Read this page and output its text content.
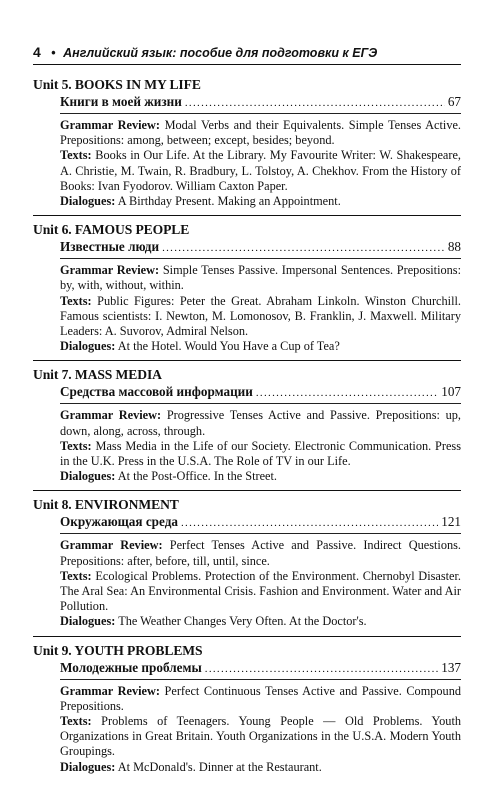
4 • Английский язык: пособие для подготовки к ЕГЭ
Unit 5. BOOKS IN MY LIFE
Книги в моей жизни .....	67

Grammar Review: Modal Verbs and their Equivalents. Simple Tenses Active. Prepositions: among, between; except, besides; beyond.

Texts: Books in Our Life. At the Library. My Favourite Writer: W. Shakespeare, A. Christie, M. Twain, R. Bradbury, L. Tolstoy, A. Chekhov. From the History of Books: Ivan Fyodorov. William Caxton Paper.

Dialogues: A Birthday Present. Making an Appointment.

Unit 6. FAMOUS PEOPLE
Известные люди .....	88

Grammar Review: Simple Tenses Passive. Impersonal Sentences. Prepositions: by, with, without, within.

Texts: Public Figures: Peter the Great. Abraham Linkoln. Winston Churchill. Famous scientists: I. Newton, M. Lomonosov, B. Franklin, J. Maxwell. Military Leaders: A. Suvorov, Admiral Nelson.

Dialogues: At the Hotel. Would You Have a Cup of Tea?

Unit 7. MASS MEDIA
Средства массовой информации .....	107

Grammar Review: Progressive Tenses Active and Passive. Prepositions: up, down, along, across, through.

Texts: Mass Media in the Life of our Society. Electronic Communication. Press in the U.K. Press in the U.S.A. The Role of TV in our Life.

Dialogues: At the Post-Office. In the Street.

Unit 8. ENVIRONMENT
Окружающая среда .....	121

Grammar Review: Perfect Tenses Active and Passive. Indirect Questions. Prepositions: after, before, till, until, since.

Texts: Ecological Problems. Protection of the Environment. Chernobyl Disaster. The Aral Sea: An Environmental Crisis. Fashion and Environment. Water and Air Pollution.

Dialogues: The Weather Changes Very Often. At the Doctor's.

Unit 9. YOUTH PROBLEMS
Молодежные проблемы .....	137

Grammar Review: Perfect Continuous Tenses Active and Passive. Compound Prepositions.

Texts: Problems of Teenagers. Young People — Old Problems. Youth Organizations in Great Britain. Youth Organizations in the U.S.A. Modern Youth Groupings.

Dialogues: At McDonald's. Dinner at the Restaurant.
